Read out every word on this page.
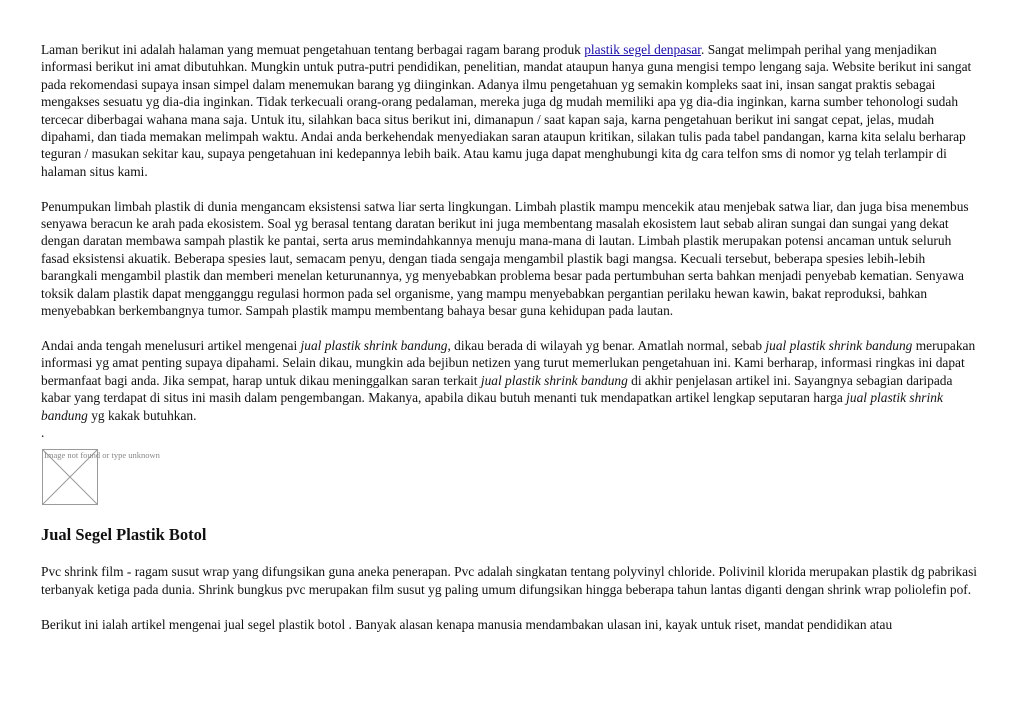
Laman berikut ini adalah halaman yang memuat pengetahuan tentang berbagai ragam barang produk plastik segel denpasar. Sangat melimpah perihal yang menjadikan informasi berikut ini amat dibutuhkan. Mungkin untuk putra-putri pendidikan, penelitian, mandat ataupun hanya guna mengisi tempo lengang saja. Website berikut ini sangat pada rekomendasi supaya insan simpel dalam menemukan barang yg diinginkan. Adanya ilmu pengetahuan yg semakin kompleks saat ini, insan sangat praktis sebagai mengakses sesuatu yg dia-dia inginkan. Tidak terkecuali orang-orang pedalaman, mereka juga dg mudah memiliki apa yg dia-dia inginkan, karna sumber tehonologi sudah tercecar diberbagai wahana mana saja. Untuk itu, silahkan baca situs berikut ini, dimanapun / saat kapan saja, karna pengetahuan berikut ini sangat cepat, jelas, mudah dipahami, dan tiada memakan melimpah waktu. Andai anda berkehendak menyediakan saran ataupun kritikan, silakan tulis pada tabel pandangan, karna kita selalu berharap teguran / masukan sekitar kau, supaya pengetahuan ini kedepannya lebih baik. Atau kamu juga dapat menghubungi kita dg cara telfon sms di nomor yg telah terlampir di halaman situs kami.

Penumpukan limbah plastik di dunia mengancam eksistensi satwa liar serta lingkungan. Limbah plastik mampu mencekik atau menjebak satwa liar, dan juga bisa menembus senyawa beracun ke arah pada ekosistem. Soal yg berasal tentang daratan berikut ini juga membentang masalah ekosistem laut sebab aliran sungai dan sungai yang dekat dengan daratan membawa sampah plastik ke pantai, serta arus memindahkannya menuju mana-mana di lautan. Limbah plastik merupakan potensi ancaman untuk seluruh fasad eksistensi akuatik. Beberapa spesies laut, semacam penyu, dengan tiada sengaja mengambil plastik bagi mangsa. Kecuali tersebut, beberapa spesies lebih-lebih barangkali mengambil plastik dan memberi menelan keturunannya, yg menyebabkan problema besar pada pertumbuhan serta bahkan menjadi penyebab kematian. Senyawa toksik dalam plastik dapat mengganggu regulasi hormon pada sel organisme, yang mampu menyebabkan pergantian perilaku hewan kawin, bakat reproduksi, bahkan menyebabkan berkembangnya tumor. Sampah plastik mampu membentang bahaya besar guna kehidupan pada lautan.

Andai anda tengah menelusuri artikel mengenai jual plastik shrink bandung, dikau berada di wilayah yg benar. Amatlah normal, sebab jual plastik shrink bandung merupakan informasi yg amat penting supaya dipahami. Selain dikau, mungkin ada bejibun netizen yang turut memerlukan pengetahuan ini. Kami berharap, informasi ringkas ini dapat bermanfaat bagi anda. Jika sempat, harap untuk dikau meninggalkan saran terkait jual plastik shrink bandung di akhir penjelasan artikel ini. Sayangnya sebagian daripada kabar yang terdapat di situs ini masih dalam pengembangan. Makanya, apabila dikau butuh menanti tuk mendapatkan artikel lengkap seputaran harga jual plastik shrink bandung yg kakak butuhkan.

.
Image not found or type unknown
Jual Segel Plastik Botol

Pvc shrink film - ragam susut wrap yang difungsikan guna aneka penerapan. Pvc adalah singkatan tentang polyvinyl chloride. Polivinil klorida merupakan plastik dg pabrikasi terbanyak ketiga pada dunia. Shrink bungkus pvc merupakan film susut yg paling umum difungsikan hingga beberapa tahun lantas diganti dengan shrink wrap poliolefin pof.

Berikut ini ialah artikel mengenai jual segel plastik botol . Banyak alasan kenapa manusia mendambakan ulasan ini, kayak untuk riset, mandat pendidikan atau
